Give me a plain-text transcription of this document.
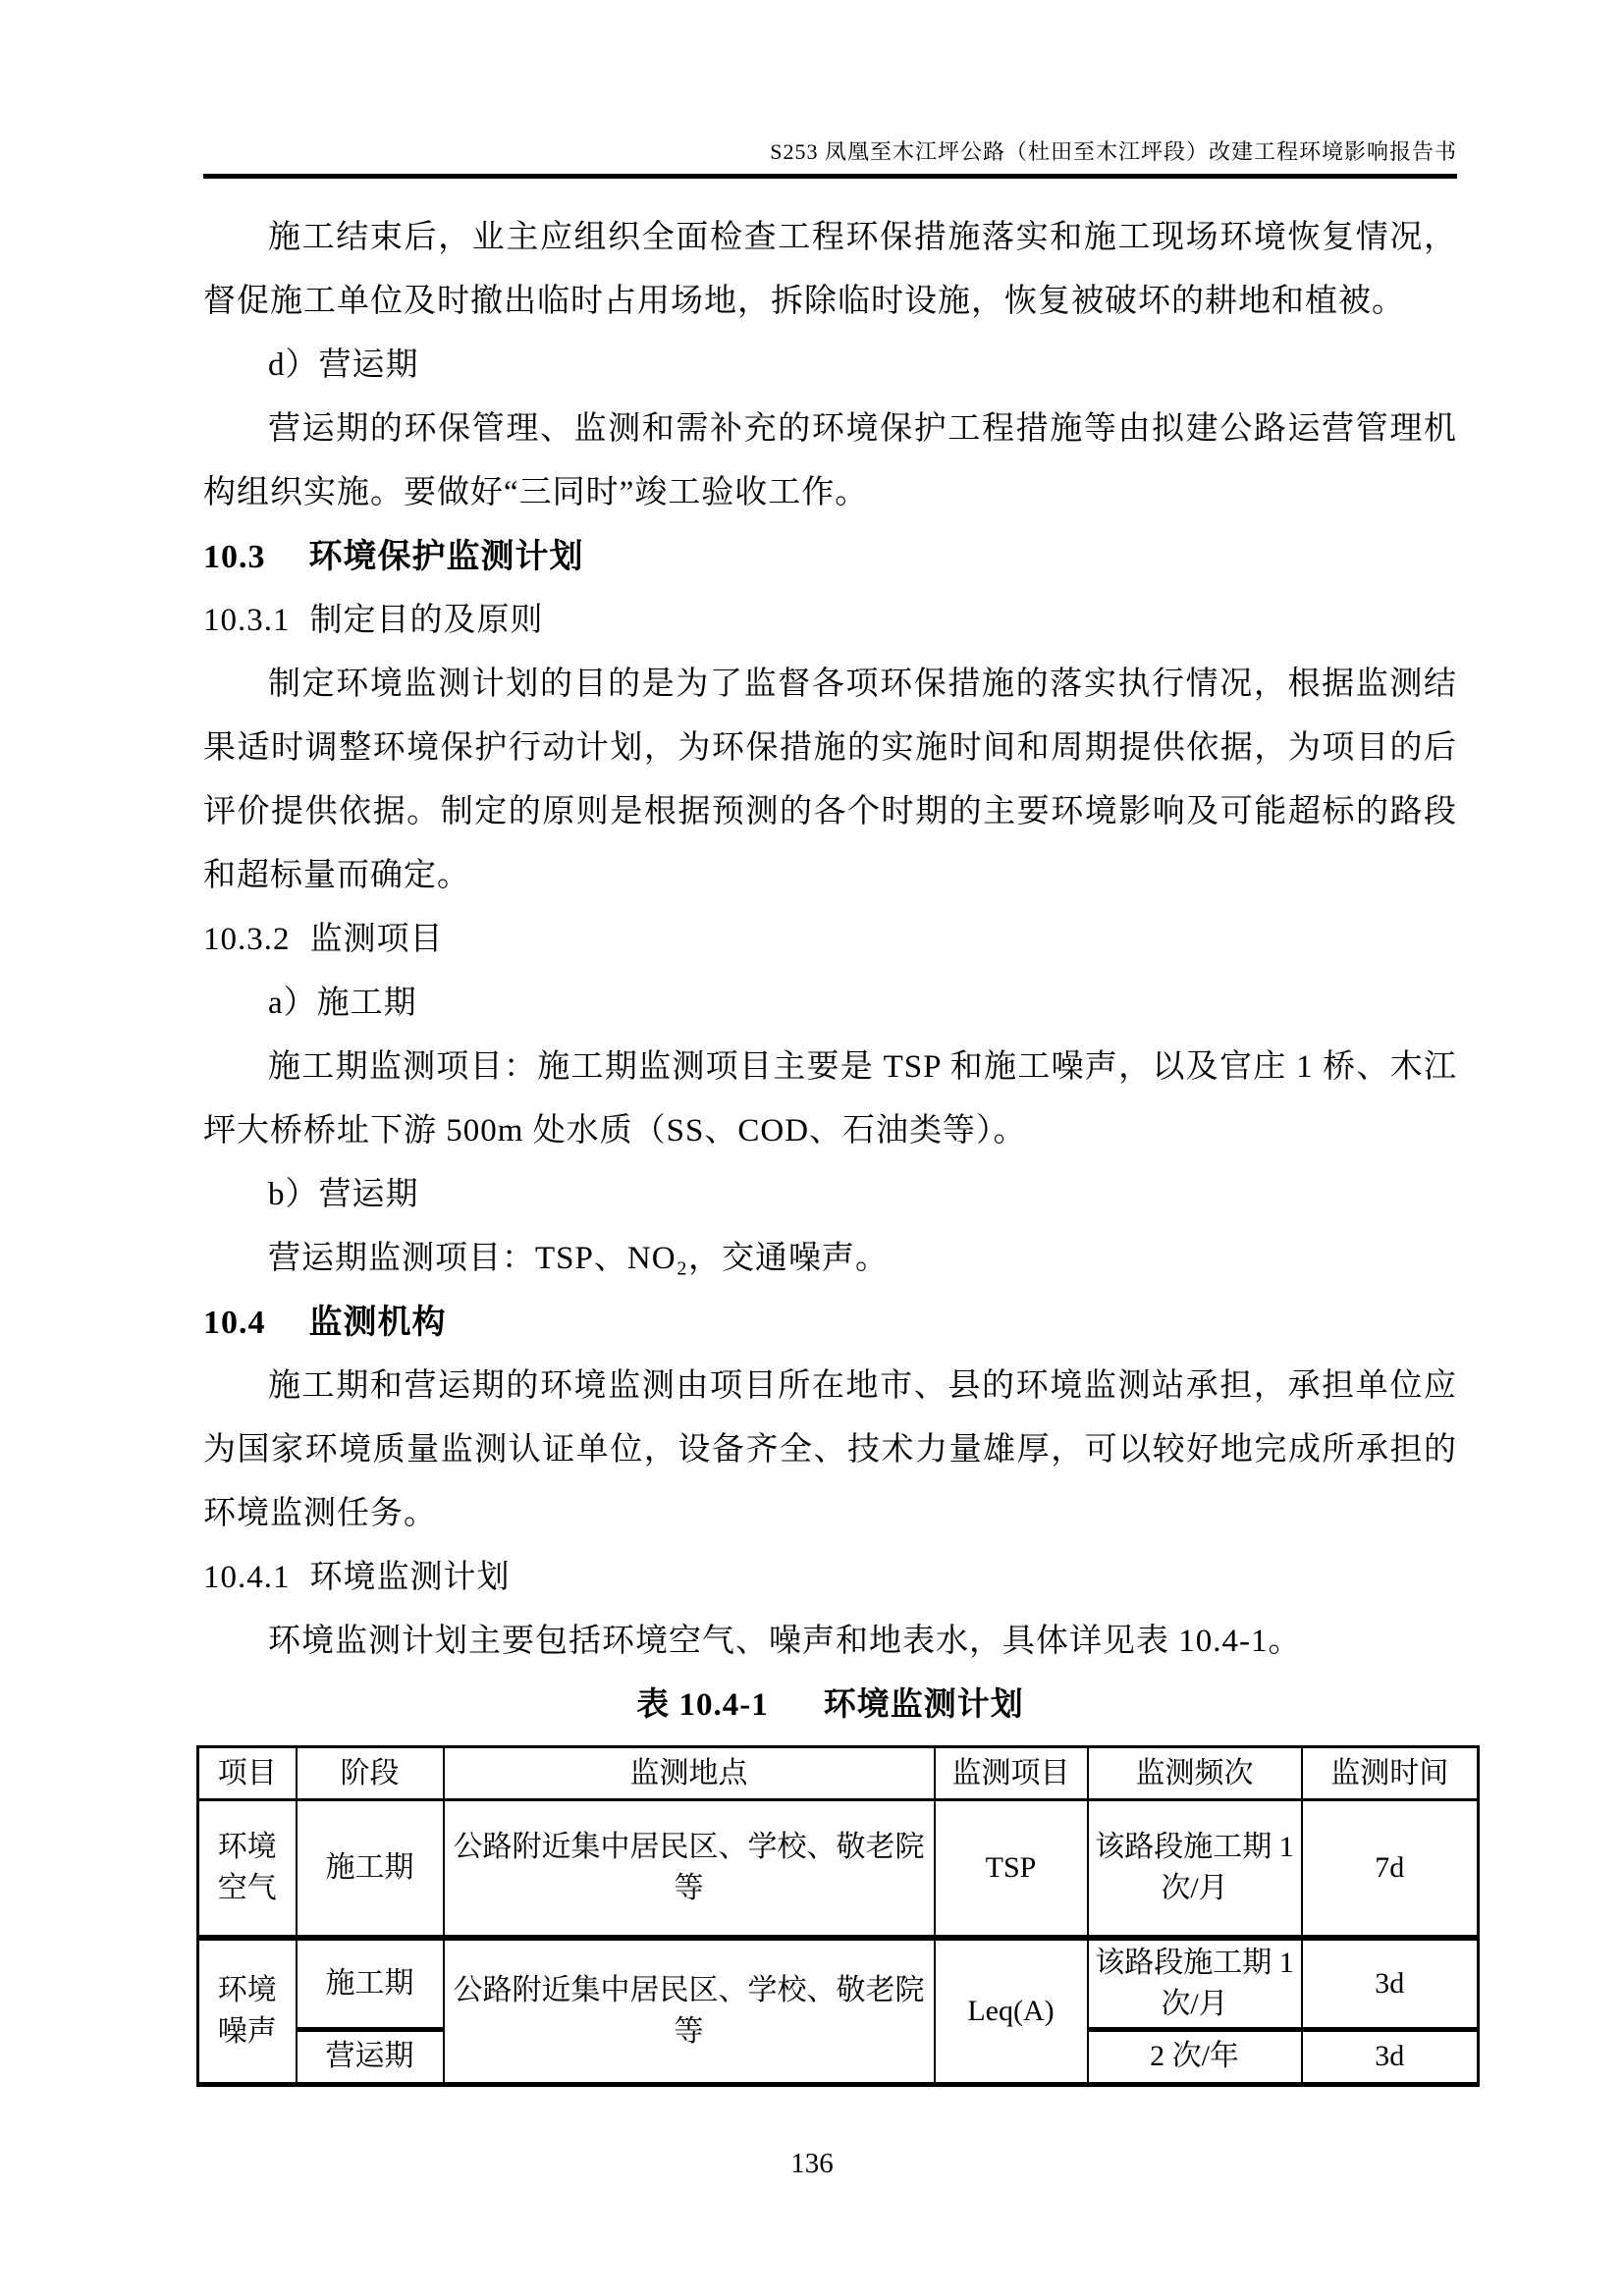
S253 凤凰至木江坪公路（杜田至木江坪段）改建工程环境影响报告书

施工结束后，业主应组织全面检查工程环保措施落实和施工现场环境恢复情况，督促施工单位及时撤出临时占用场地，拆除临时设施，恢复被破坏的耕地和植被。

d）营运期

营运期的环保管理、监测和需补充的环境保护工程措施等由拟建公路运营管理机构组织实施。要做好“三同时”竣工验收工作。

10.3 环境保护监测计划
10.3.1 制定目的及原则

制定环境监测计划的目的是为了监督各项环保措施的落实执行情况，根据监测结果适时调整环境保护行动计划，为环保措施的实施时间和周期提供依据，为项目的后评价提供依据。制定的原则是根据预测的各个时期的主要环境影响及可能超标的路段和超标量而确定。

10.3.2 监测项目

a）施工期

施工期监测项目：施工期监测项目主要是 TSP 和施工噪声，以及官庄 1 桥、木江坪大桥桥址下游 500m 处水质（SS、COD、石油类等）。

b）营运期

营运期监测项目：TSP、NO₂，交通噪声。

10.4 监测机构

施工期和营运期的环境监测由项目所在地市、县的环境监测站承担，承担单位应为国家环境质量监测认证单位，设备齐全、技术力量雄厚，可以较好地完成所承担的环境监测任务。

10.4.1 环境监测计划

环境监测计划主要包括环境空气、噪声和地表水，具体详见表 10.4-1。

表 10.4-1 环境监测计划

项目	阶段	监测地点	监测项目	监测频次	监测时间
环境空气	施工期	公路附近集中居民区、学校、敬老院等	TSP	该路段施工期 1 次/月	7d
环境噪声	施工期	公路附近集中居民区、学校、敬老院等	Leq(A)	该路段施工期 1 次/月	3d
	营运期			2 次/年	3d
136
